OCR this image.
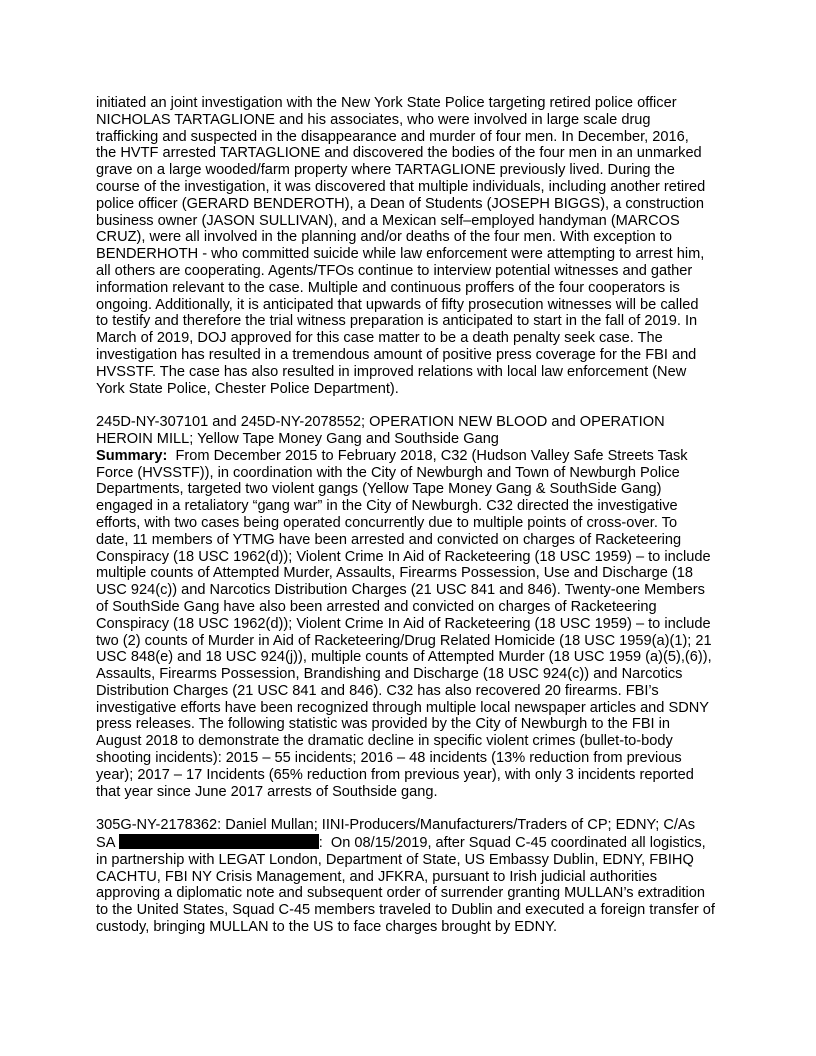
initiated an joint investigation with the New York State Police targeting retired police officer
NICHOLAS TARTAGLIONE and his associates, who were involved in large scale drug
trafficking and suspected in the disappearance and murder of four men. In December, 2016,
the HVTF arrested TARTAGLIONE and discovered the bodies of the four men in an unmarked
grave on a large wooded/farm property where TARTAGLIONE previously lived. During the
course of the investigation, it was discovered that multiple individuals, including another retired
police officer (GERARD BENDEROTH), a Dean of Students (JOSEPH BIGGS), a construction
business owner (JASON SULLIVAN), and a Mexican self–employed handyman (MARCOS
CRUZ), were all involved in the planning and/or deaths of the four men. With exception to
BENDERHOTH - who committed suicide while law enforcement were attempting to arrest him,
all others are cooperating. Agents/TFOs continue to interview potential witnesses and gather
information relevant to the case. Multiple and continuous proffers of the four cooperators is
ongoing. Additionally, it is anticipated that upwards of fifty prosecution witnesses will be called
to testify and therefore the trial witness preparation is anticipated to start in the fall of 2019. In
March of 2019, DOJ approved for this case matter to be a death penalty seek case. The
investigation has resulted in a tremendous amount of positive press coverage for the FBI and
HVSSTF. The case has also resulted in improved relations with local law enforcement (New
York State Police, Chester Police Department).
245D-NY-307101 and 245D-NY-2078552; OPERATION NEW BLOOD and OPERATION
HEROIN MILL; Yellow Tape Money Gang and Southside Gang
Summary:  From December 2015 to February 2018, C32 (Hudson Valley Safe Streets Task
Force (HVSSTF)), in coordination with the City of Newburgh and Town of Newburgh Police
Departments, targeted two violent gangs (Yellow Tape Money Gang & SouthSide Gang)
engaged in a retaliatory “gang war” in the City of Newburgh. C32 directed the investigative
efforts, with two cases being operated concurrently due to multiple points of cross-over. To
date, 11 members of YTMG have been arrested and convicted on charges of Racketeering
Conspiracy (18 USC 1962(d)); Violent Crime In Aid of Racketeering (18 USC 1959) – to include
multiple counts of Attempted Murder, Assaults, Firearms Possession, Use and Discharge (18
USC 924(c)) and Narcotics Distribution Charges (21 USC 841 and 846). Twenty-one Members
of SouthSide Gang have also been arrested and convicted on charges of Racketeering
Conspiracy (18 USC 1962(d)); Violent Crime In Aid of Racketeering (18 USC 1959) – to include
two (2) counts of Murder in Aid of Racketeering/Drug Related Homicide (18 USC 1959(a)(1); 21
USC 848(e) and 18 USC 924(j)), multiple counts of Attempted Murder (18 USC 1959 (a)(5),(6)),
Assaults, Firearms Possession, Brandishing and Discharge (18 USC 924(c)) and Narcotics
Distribution Charges (21 USC 841 and 846). C32 has also recovered 20 firearms. FBI’s
investigative efforts have been recognized through multiple local newspaper articles and SDNY
press releases. The following statistic was provided by the City of Newburgh to the FBI in
August 2018 to demonstrate the dramatic decline in specific violent crimes (bullet-to-body
shooting incidents): 2015 – 55 incidents; 2016 – 48 incidents (13% reduction from previous
year); 2017 – 17 Incidents (65% reduction from previous year), with only 3 incidents reported
that year since June 2017 arrests of Southside gang.
305G-NY-2178362: Daniel Mullan; IINI-Producers/Manufacturers/Traders of CP; EDNY; C/As
SA	:  On 08/15/2019, after Squad C-45 coordinated all logistics,
in partnership with LEGAT London, Department of State, US Embassy Dublin, EDNY, FBIHQ
CACHTU, FBI NY Crisis Management, and JFKRA, pursuant to Irish judicial authorities
approving a diplomatic note and subsequent order of surrender granting MULLAN’s extradition
to the United States, Squad C-45 members traveled to Dublin and executed a foreign transfer of
custody, bringing MULLAN to the US to face charges brought by EDNY.
